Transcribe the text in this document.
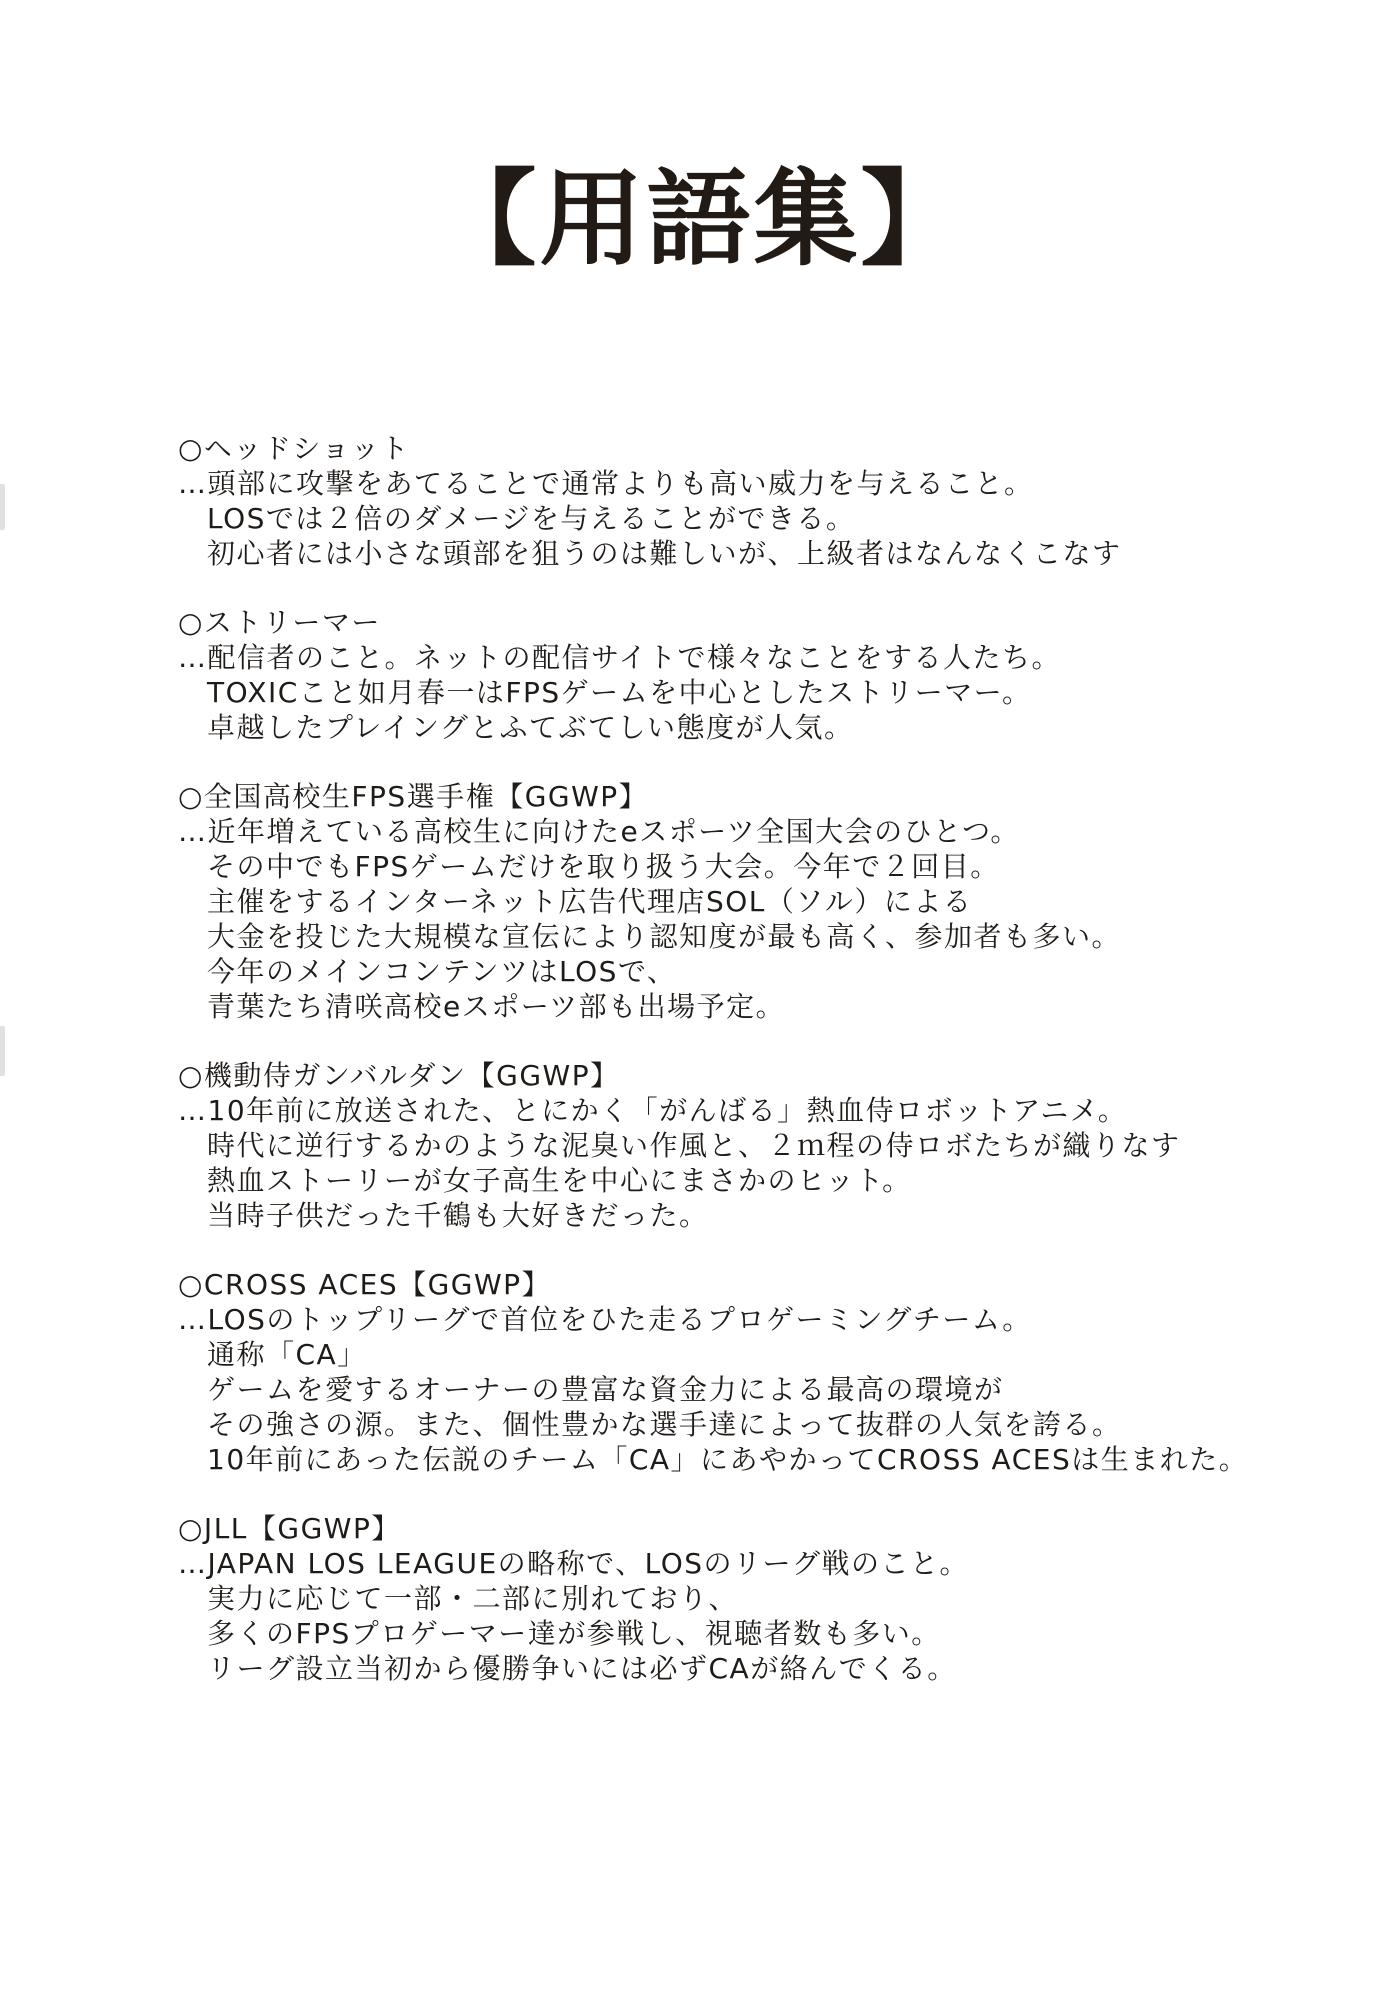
【用語集】
○ヘッドショット
…頭部に攻撃をあてることで通常よりも高い威力を与えること。
LOSでは２倍のダメージを与えることができる。
初心者には小さな頭部を狙うのは難しいが、上級者はなんなくこなす
○ストリーマー
…配信者のこと。ネットの配信サイトで様々なことをする人たち。
TOXICこと如月春一はFPSゲームを中心としたストリーマー。
卓越したプレイングとふてぶてしい態度が人気。
○全国高校生FPS選手権【GGWP】
…近年増えている高校生に向けたeスポーツ全国大会のひとつ。
その中でもFPSゲームだけを取り扱う大会。今年で２回目。
主催をするインターネット広告代理店SOL（ソル）による
大金を投じた大規模な宣伝により認知度が最も高く、参加者も多い。
今年のメインコンテンツはLOSで、
青葉たち清咲高校eスポーツ部も出場予定。
○機動侍ガンバルダン【GGWP】
…10年前に放送された、とにかく「がんばる」熱血侍ロボットアニメ。
時代に逆行するかのような泥臭い作風と、２ｍ程の侍ロボたちが織りなす
熱血ストーリーが女子高生を中心にまさかのヒット。
当時子供だった千鶴も大好きだった。
○CROSS ACES【GGWP】
…LOSのトップリーグで首位をひた走るプロゲーミングチーム。
通称「CA」
ゲームを愛するオーナーの豊富な資金力による最高の環境が
その強さの源。また、個性豊かな選手達によって抜群の人気を誇る。
10年前にあった伝説のチーム「CA」にあやかってCROSS ACESは生まれた。
○JLL【GGWP】
…JAPAN LOS LEAGUEの略称で、LOSのリーグ戦のこと。
実力に応じて一部・二部に別れており、
多くのFPSプロゲーマー達が参戦し、視聴者数も多い。
リーグ設立当初から優勝争いには必ずCAが絡んでくる。
